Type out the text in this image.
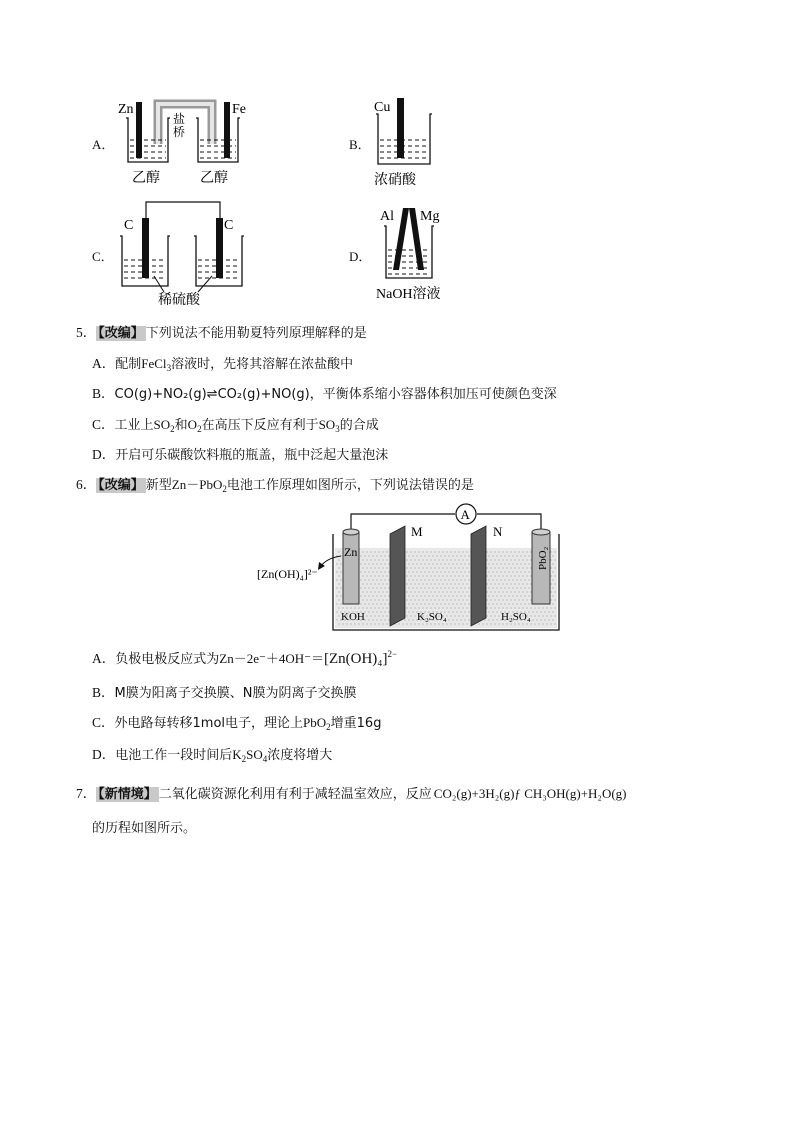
A．
Zn	Fe
盐
桥
乙醇	乙醇
B．
Cu
浓硝酸
C．
C	C
稀硫酸
D．
Al Mg
NaOH溶液
5． 【改编】 下列说法不能用勒夏特列原理解释的是
A．配制FeCl$_3$溶液时，先将其溶解在浓盐酸中
B．CO(g)+NO₂(g)⇌CO₂(g)+NO(g)，平衡体系缩小容器体积加压可使颜色变深
C．工业上$SO_2$和$O_2$在高压下反应有利于$SO_3$的合成
D．开启可乐碳酸饮料瓶的瓶盖，瓶中泛起大量泡沫
6． 【改编】 新型Zn－PbO$_2$电池工作原理如图所示，下列说法错误的是
A
Zn	PbO₂
M	N
[Zn(OH)₄]²⁻
KOH	K₂SO₄	H₂SO₄
A．负极电极反应式为$Zn-2e^-+4OH^-=[Zn(OH)_4]^{2-}$
B．M膜为阳离子交换膜、N膜为阴离子交换膜
C．外电路每转移1mol电子，理论上PbO$_2$增重16g
D．电池工作一段时间后$K_2SO_4$浓度将增大
7． 【新情境】 二氧化碳资源化利用有利于减轻温室效应，反应 CO₂(g)+3H₂(g)ƒ CH₃OH(g)+H₂O(g)
的历程如图所示。
